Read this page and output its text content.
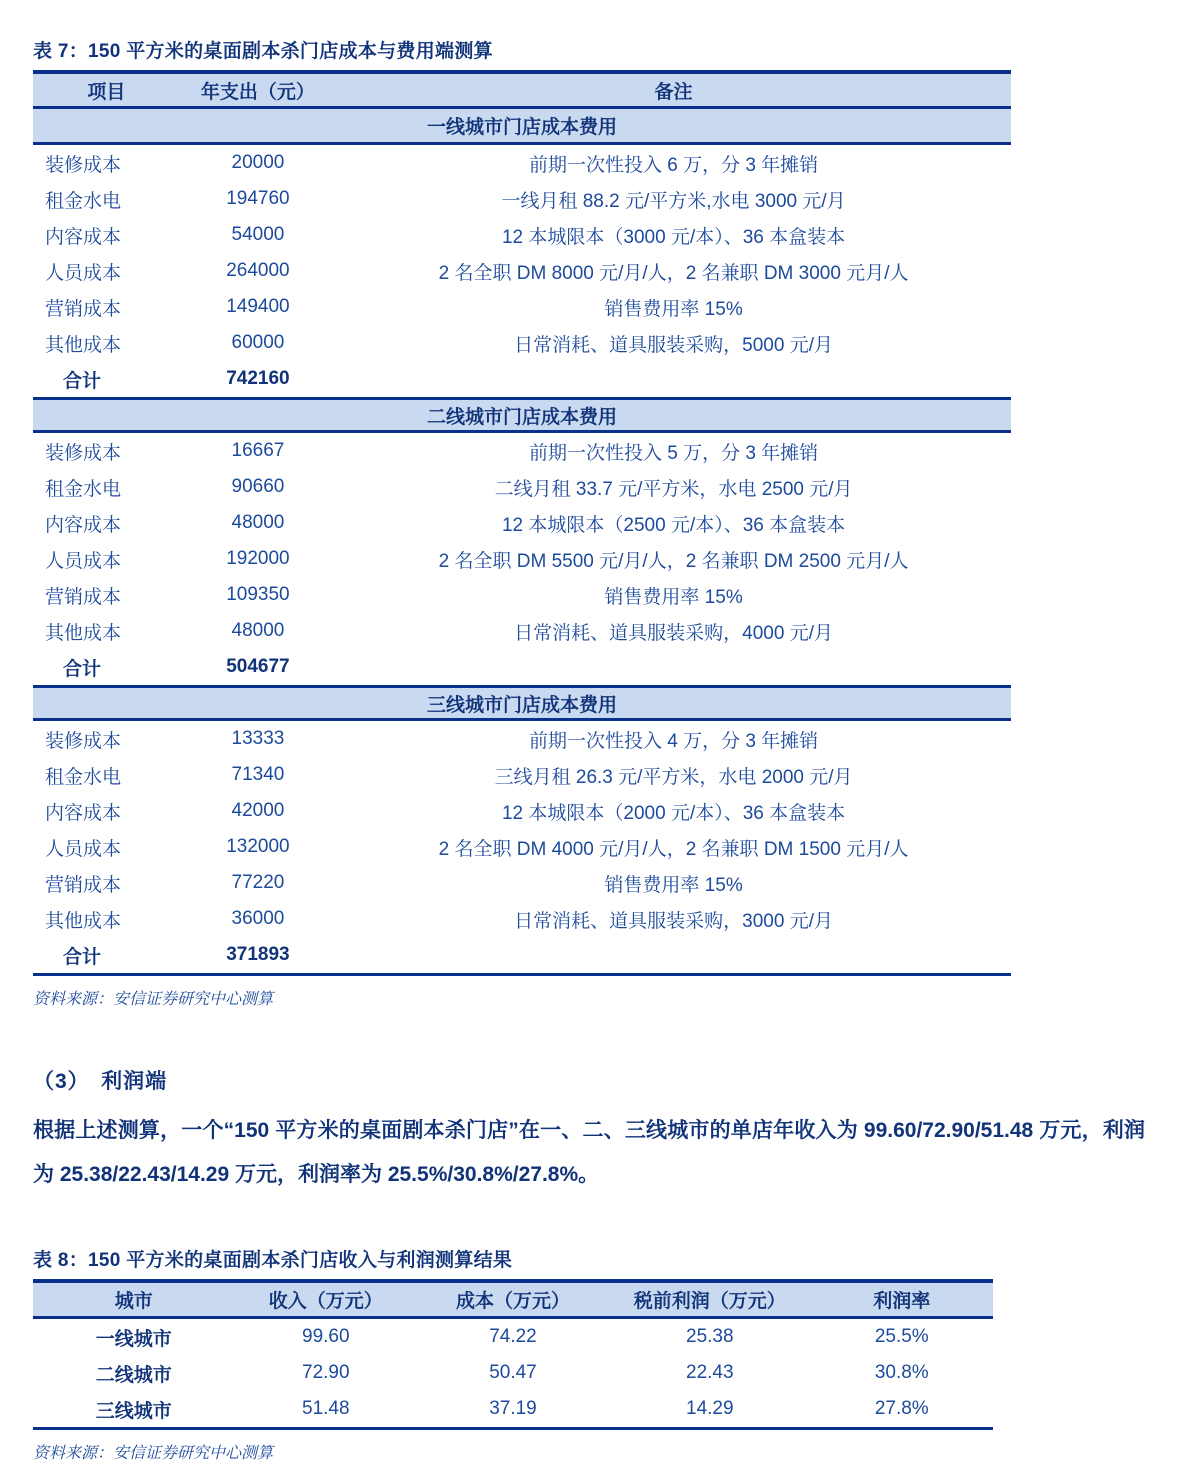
表 7：150 平方米的桌面剧本杀门店成本与费用端测算
项目	年支出（元）	备注
一线城市门店成本费用
装修成本	20000	前期一次性投入 6 万，分 3 年摊销
租金水电	194760	一线月租 88.2 元/平方米,水电 3000 元/月
内容成本	54000	12 本城限本（3000 元/本）、36 本盒装本
人员成本	264000	2 名全职 DM 8000 元/月/人，2 名兼职 DM 3000 元月/人
营销成本	149400	销售费用率 15%
其他成本	60000	日常消耗、道具服装采购，5000 元/月
合计	742160
二线城市门店成本费用
装修成本	16667	前期一次性投入 5 万，分 3 年摊销
租金水电	90660	二线月租 33.7 元/平方米，水电 2500 元/月
内容成本	48000	12 本城限本（2500 元/本）、36 本盒装本
人员成本	192000	2 名全职 DM 5500 元/月/人，2 名兼职 DM 2500 元月/人
营销成本	109350	销售费用率 15%
其他成本	48000	日常消耗、道具服装采购，4000 元/月
合计	504677
三线城市门店成本费用
装修成本	13333	前期一次性投入 4 万，分 3 年摊销
租金水电	71340	三线月租 26.3 元/平方米，水电 2000 元/月
内容成本	42000	12 本城限本（2000 元/本）、36 本盒装本
人员成本	132000	2 名全职 DM 4000 元/月/人，2 名兼职 DM 1500 元月/人
营销成本	77220	销售费用率 15%
其他成本	36000	日常消耗、道具服装采购，3000 元/月
合计	371893
资料来源：安信证券研究中心测算
（3）　利润端

根据上述测算，一个“150 平方米的桌面剧本杀门店”在一、二、三线城市的单店年收入为 99.60/72.90/51.48 万元，利润为 25.38/22.43/14.29 万元，利润率为 25.5%/30.8%/27.8%。

表 8：150 平方米的桌面剧本杀门店收入与利润测算结果
城市	收入（万元）	成本（万元）	税前利润（万元）	利润率
一线城市	99.60	74.22	25.38	25.5%
二线城市	72.90	50.47	22.43	30.8%
三线城市	51.48	37.19	14.29	27.8%
资料来源：安信证券研究中心测算
